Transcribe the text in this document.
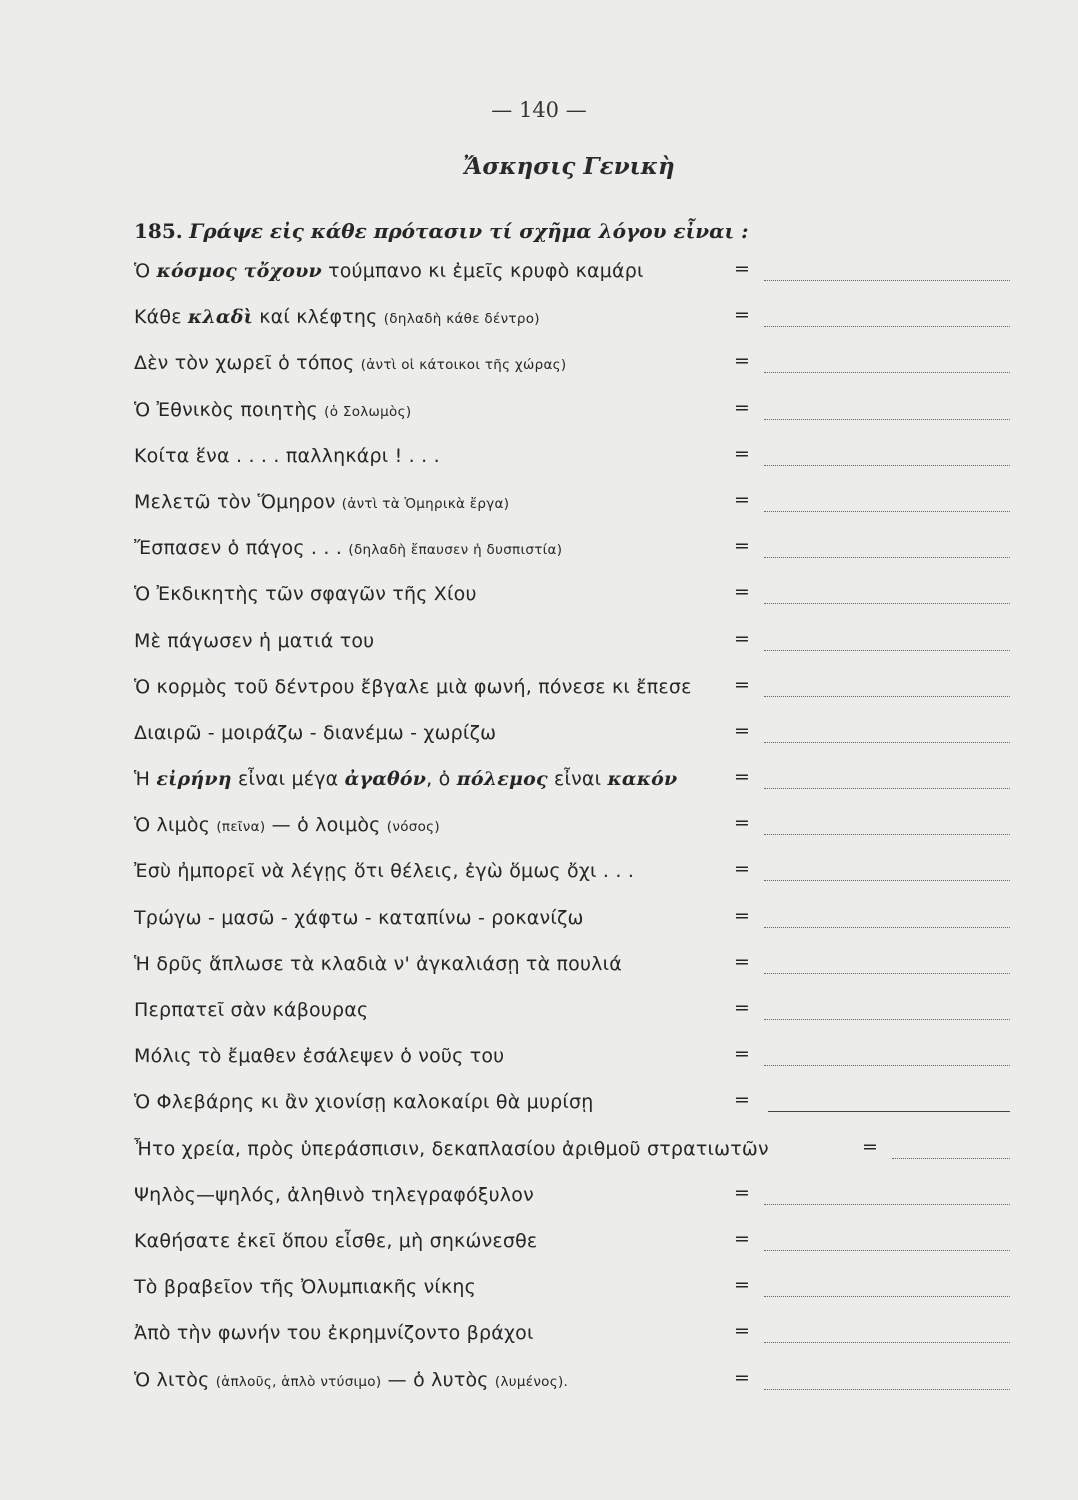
— 140 —
Ἄσκησις Γενικὴ
185. Γράψε εἰς κάθε πρότασιν τί σχῆμα λόγου εἶναι :
Ὁ κόσμος τὄχουν τούμπανο κι ἐμεῖς κρυφὸ καμάρι	=
Κάθε κλαδὶ καί κλέφτης (δηλαδὴ κάθε δέντρο)	=
Δὲν τὸν χωρεῖ ὁ τόπος (ἀντὶ οἱ κάτοικοι τῆς χώρας)	=
Ὁ Ἐθνικὸς ποιητὴς (ὁ Σολωμὸς)	=
Κοίτα ἕνα . . . . παλληκάρι ! . . .	=
Μελετῶ τὸν Ὅμηρον (ἀντὶ τὰ Ὁμηρικὰ ἔργα)	=
Ἔσπασεν ὁ πάγος . . . (δηλαδὴ ἔπαυσεν ἡ δυσπιστία)	=
Ὁ Ἐκδικητὴς τῶν σφαγῶν τῆς Χίου	=
Μὲ πάγωσεν ἡ ματιά του	=
Ὁ κορμὸς τοῦ δέντρου ἔβγαλε μιὰ φωνή, πόνεσε κι ἔπεσε =
Διαιρῶ - μοιράζω - διανέμω - χωρίζω	=
Ἡ εἰρήνη εἶναι μέγα ἀγαθόν, ὁ πόλεμος εἶναι κακόν	=
Ὁ λιμὸς (πεῖνα) — ὁ λοιμὸς (νόσος)	=
Ἐσὺ ἠμπορεῖ νὰ λέγῃς ὅτι θέλεις, ἐγὼ ὅμως ὄχι . . .	=
Τρώγω - μασῶ - χάφτω - καταπίνω - ροκανίζω	=
Ἡ δρῦς ἅπλωσε τὰ κλαδιὰ ν' ἀγκαλιάσῃ τὰ πουλιά	=
Περπατεῖ σὰν κάβουρας	=
Μόλις τὸ ἔμαθεν ἐσάλεψεν ὁ νοῦς του	=
Ὁ Φλεβάρης κι ἂν χιονίσῃ καλοκαίρι θὰ μυρίσῃ	=
Ἦτο χρεία, πρὸς ὑπεράσπισιν, δεκαπλασίου ἀριθμοῦ στρατιωτῶν	=
Ψηλὸς—ψηλός, ἀληθινὸ τηλεγραφόξυλον	=
Καθήσατε ἐκεῖ ὅπου εἶσθε, μὴ σηκώνεσθε	=
Τὸ βραβεῖον τῆς Ὀλυμπιακῆς νίκης	=
Ἀπὸ τὴν φωνήν του ἐκρημνίζοντο βράχοι	=
Ὁ λιτὸς (ἁπλοῦς, ἁπλὸ ντύσιμο) — ὁ λυτὸς (λυμένος).	=
